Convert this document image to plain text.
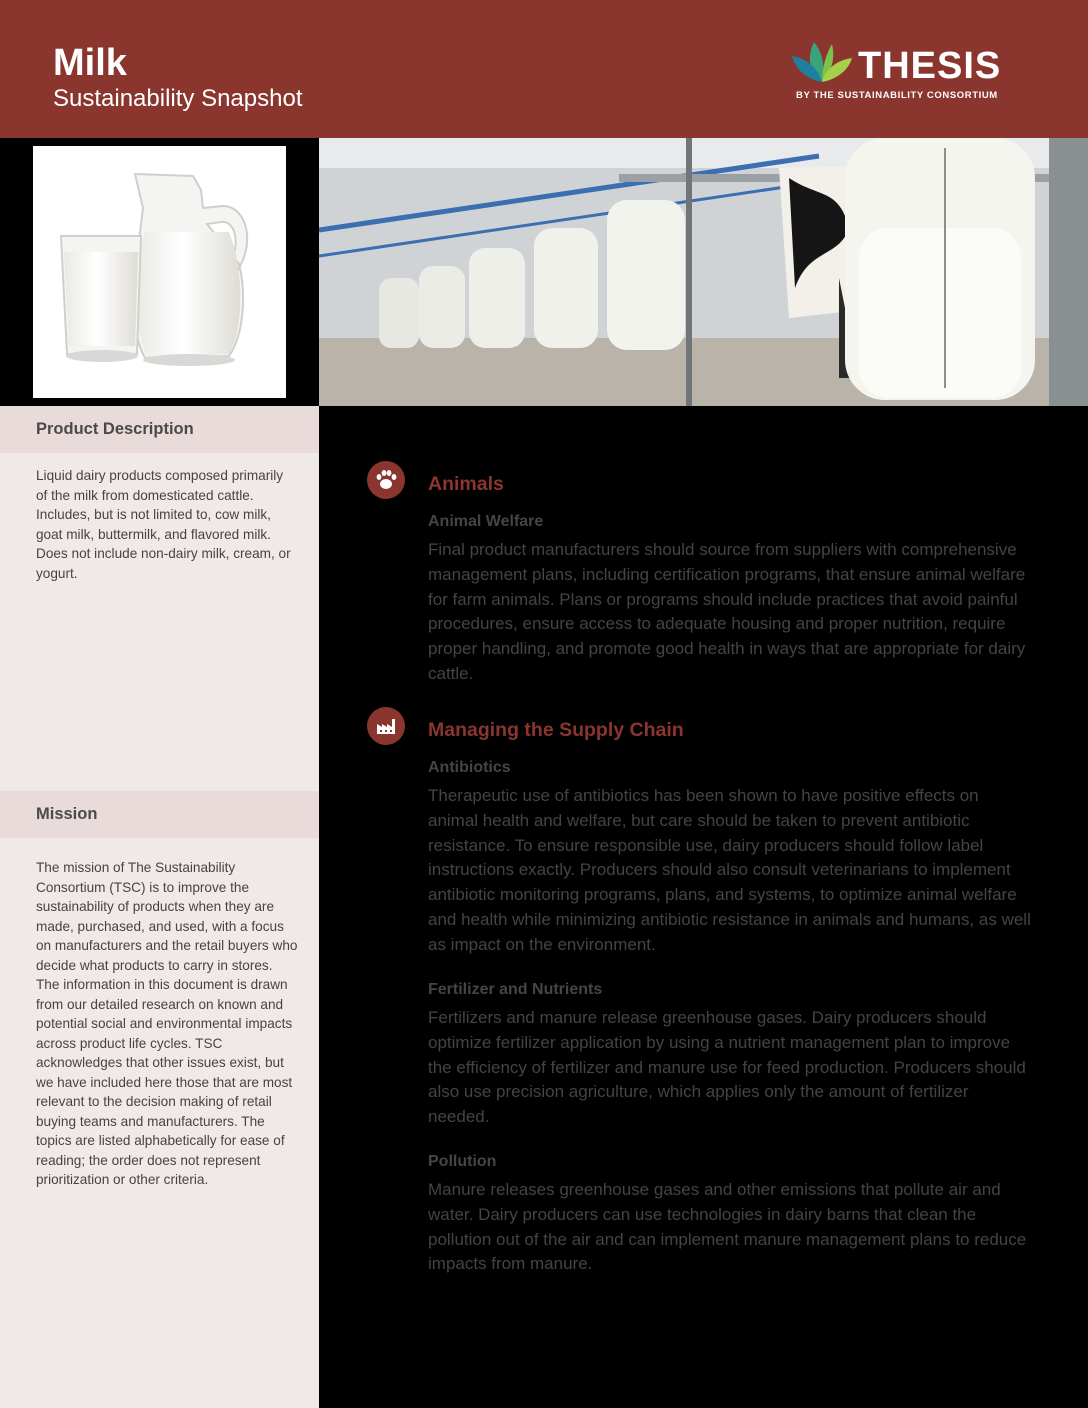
Milk
Sustainability Snapshot
THESIS
BY THE SUSTAINABILITY CONSORTIUM
Product Description
Liquid dairy products composed primarily of the milk from domesticated cattle. Includes, but is not limited to, cow milk, goat milk, buttermilk, and flavored milk. Does not include non-dairy milk, cream, or yogurt.
Mission
The mission of The Sustainability Consortium (TSC) is to improve the sustainability of products when they are made, purchased, and used, with a focus on manufacturers and the retail buyers who decide what products to carry in stores. The information in this document is drawn from our detailed research on known and potential social and environmental impacts across product life cycles. TSC acknowledges that other issues exist, but we have included here those that are most relevant to the decision making of retail buying teams and manufacturers. The topics are listed alphabetically for ease of reading; the order does not represent prioritization or other criteria.
Animals
Animal Welfare
Final product manufacturers should source from suppliers with comprehensive management plans, including certification programs, that ensure animal welfare for farm animals. Plans or programs should include practices that avoid painful procedures, ensure access to adequate housing and proper nutrition, require proper handling, and promote good health in ways that are appropriate for dairy cattle.
Managing the Supply Chain
Antibiotics
Therapeutic use of antibiotics has been shown to have positive effects on animal health and welfare, but care should be taken to prevent antibiotic resistance. To ensure responsible use, dairy producers should follow label instructions exactly. Producers should also consult veterinarians to implement antibiotic monitoring programs, plans, and systems, to optimize animal welfare and health while minimizing antibiotic resistance in animals and humans, as well as impact on the environment.
Fertilizer and Nutrients
Fertilizers and manure release greenhouse gases. Dairy producers should optimize fertilizer application by using a nutrient management plan to improve the efficiency of fertilizer and manure use for feed production. Producers should also use precision agriculture, which applies only the amount of fertilizer needed.
Pollution
Manure releases greenhouse gases and other emissions that pollute air and water. Dairy producers can use technologies in dairy barns that clean the pollution out of the air and can implement manure management plans to reduce impacts from manure.
